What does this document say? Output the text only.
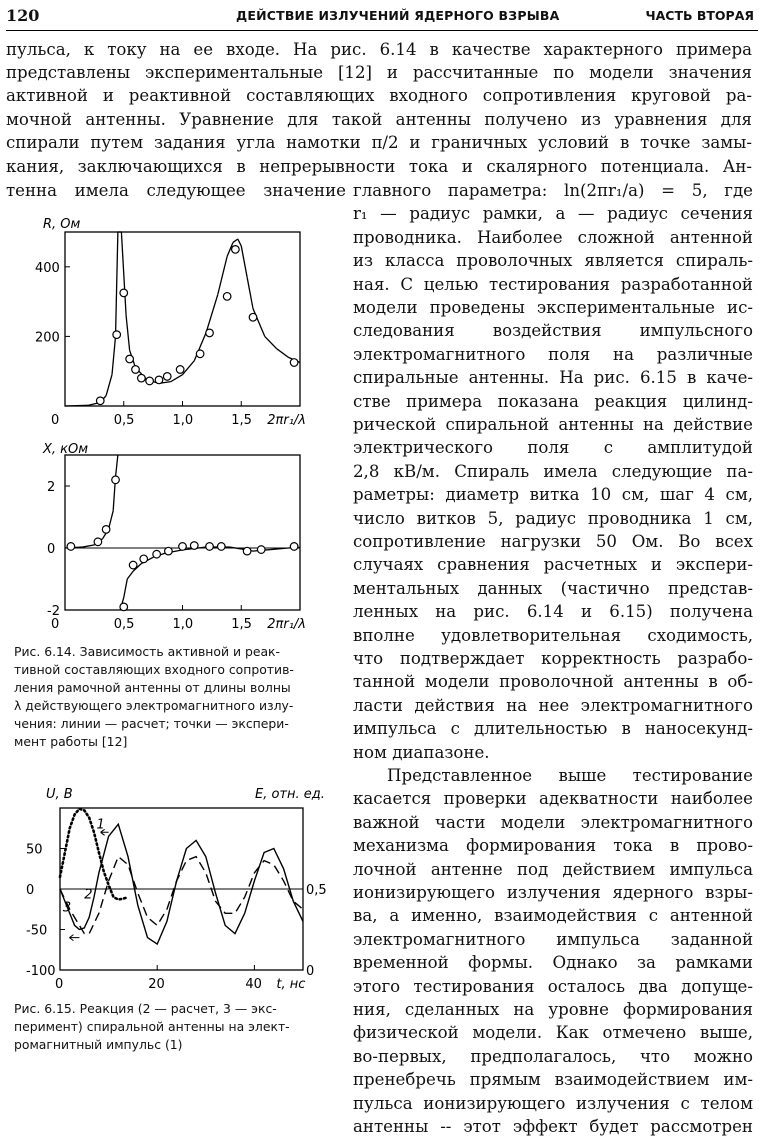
120	ДЕЙСТВИЕ ИЗЛУЧЕНИЙ ЯДЕРНОГО ВЗРЫВА	ЧАСТЬ ВТОРАЯ
пульса, к току на ее входе. На рис. 6.14 в качестве характерного примера
представлены экспериментальные [12] и рассчитанные по модели значения
активной и реактивной составляющих входного сопротивления круговой ра-
мочной антенны. Уравнение для такой антенны получено из уравнения для
спирали путем задания угла намотки π/2 и граничных условий в точке замы-
кания, заключающихся в непрерывности тока и скалярного потенциала. Ан-
тенна имела следующее значение главного параметра: ln(2πr₁/a) = 5, где
r₁ — радиус рамки, a — радиус сечения
проводника. Наиболее сложной антенной
из класса проволочных является спираль-
ная. С целью тестирования разработанной
модели проведены экспериментальные ис-
следования воздействия импульсного
электромагнитного поля на различные
спиральные антенны. На рис. 6.15 в каче-
стве примера показана реакция цилинд-
рической спиральной антенны на действие
электрического поля с амплитудой
2,8 кВ/м. Спираль имела следующие па-
раметры: диаметр витка 10 см, шаг 4 см,
число витков 5, радиус проводника 1 см,
сопротивление нагрузки 50 Ом. Во всех
случаях сравнения расчетных и экспери-
ментальных данных (частично представ-
ленных на рис. 6.14 и 6.15) получена
вполне удовлетворительная сходимость,
что подтверждает корректность разрабо-
танной модели проволочной антенны в об-
ласти действия на нее электромагнитного
импульса с длительностью в наносекунд-
ном диапазоне.
Представленное выше тестирование
касается проверки адекватности наиболее
важной части модели электромагнитного
механизма формирования тока в прово-
лочной антенне под действием импульса
ионизирующего излучения ядерного взры-
ва, а именно, взаимодействия с антенной
электромагнитного импульса заданной
временной формы. Однако за рамками
этого тестирования осталось два допуще-
ния, сделанных на уровне формирования
физической модели. Как отмечено выше,
во-первых, предполагалось, что можно
пренебречь прямым взаимодействием им-
пульса ионизирующего излучения с телом
антенны -- этот эффект будет рассмотрен
R, Ом
200
400
0	0,5	1,0	1,5 2πr₁/λ
X, кОм
2
0
-2
0	0,5	1,0	1,5 2πr₁/λ
Рис. 6.14. Зависимость активной и реак-
тивной составляющих входного сопротив-
ления рамочной антенны от длины волны
λ действующего электромагнитного излу-
чения: линии — расчет; точки — экспери-
мент работы [12]
U, В	E, отн. ед.
50
0
-50
-100
0,5
0
0	20	40 t, нс
1
2
3
Рис. 6.15. Реакция (2 — расчет, 3 — экс-
перимент) спиральной антенны на элект-
ромагнитный импульс (1)
